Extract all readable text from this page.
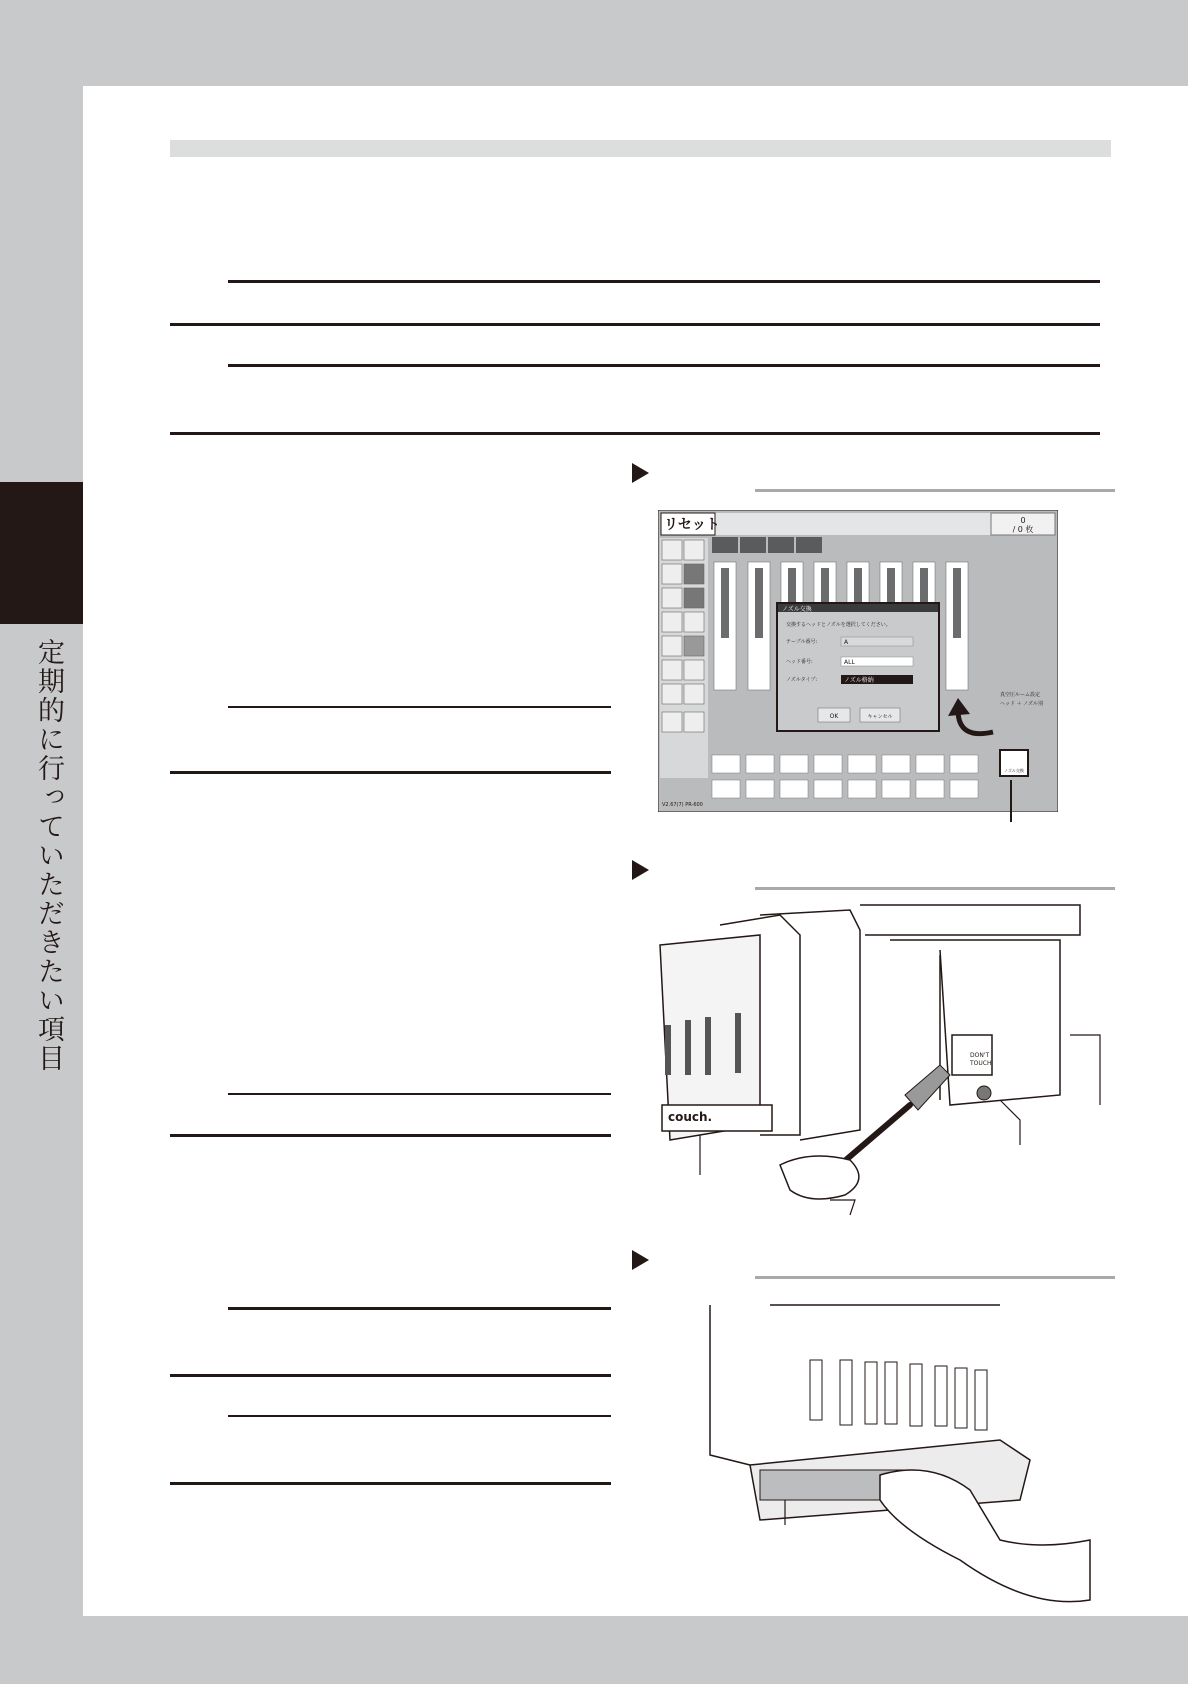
定期的に行っていただきたい項目
リセット	0
/ 0 枚
ノズル交換
交換するヘッドとノズルを選択してください。
テーブル番号:	A
ヘッド番号:	ALL
ノズルタイプ:	ノズル格納
OK	キャンセル
真空圧ルーム設定
ヘッド ＋ ノズル別
ノズル交換
V2.67(7) PR-600
couch.
DON'T
TOUCH
